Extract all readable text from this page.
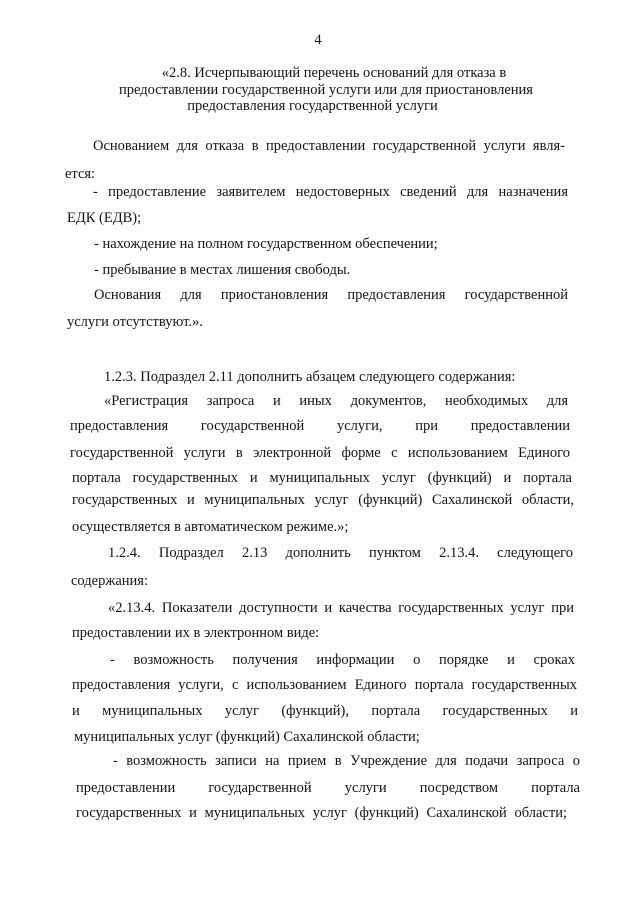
4
«2.8. Исчерпывающий перечень оснований для отказа в
предоставлении государственной услуги или для приостановления
предоставления государственной услуги
Основанием для отказа в предоставлении государственной услуги явля-
ется:
- предоставление заявителем недостоверных сведений для назначения
ЕДК (ЕДВ);
- нахождение на полном государственном обеспечении;
- пребывание в местах лишения свободы.
Основания для приостановления предоставления государственной
услуги отсутствуют.».
1.2.3. Подраздел 2.11 дополнить абзацем следующего содержания:
«Регистрация запроса и иных документов, необходимых для
предоставления государственной услуги, при предоставлении
государственной услуги в электронной форме с использованием Единого
портала государственных и муниципальных услуг (функций) и портала
государственных и муниципальных услуг (функций) Сахалинской области,
осуществляется в автоматическом режиме.»;
1.2.4. Подраздел 2.13 дополнить пунктом 2.13.4. следующего
содержания:
«2.13.4. Показатели доступности и качества государственных услуг при
предоставлении их в электронном виде:
- возможность получения информации о порядке и сроках
предоставления услуги, с использованием Единого портала государственных
и муниципальных услуг (функций), портала государственных и
муниципальных услуг (функций) Сахалинской области;
- возможность записи на прием в Учреждение для подачи запроса о
предоставлении государственной услуги посредством портала
государственных и муниципальных услуг (функций) Сахалинской области;
